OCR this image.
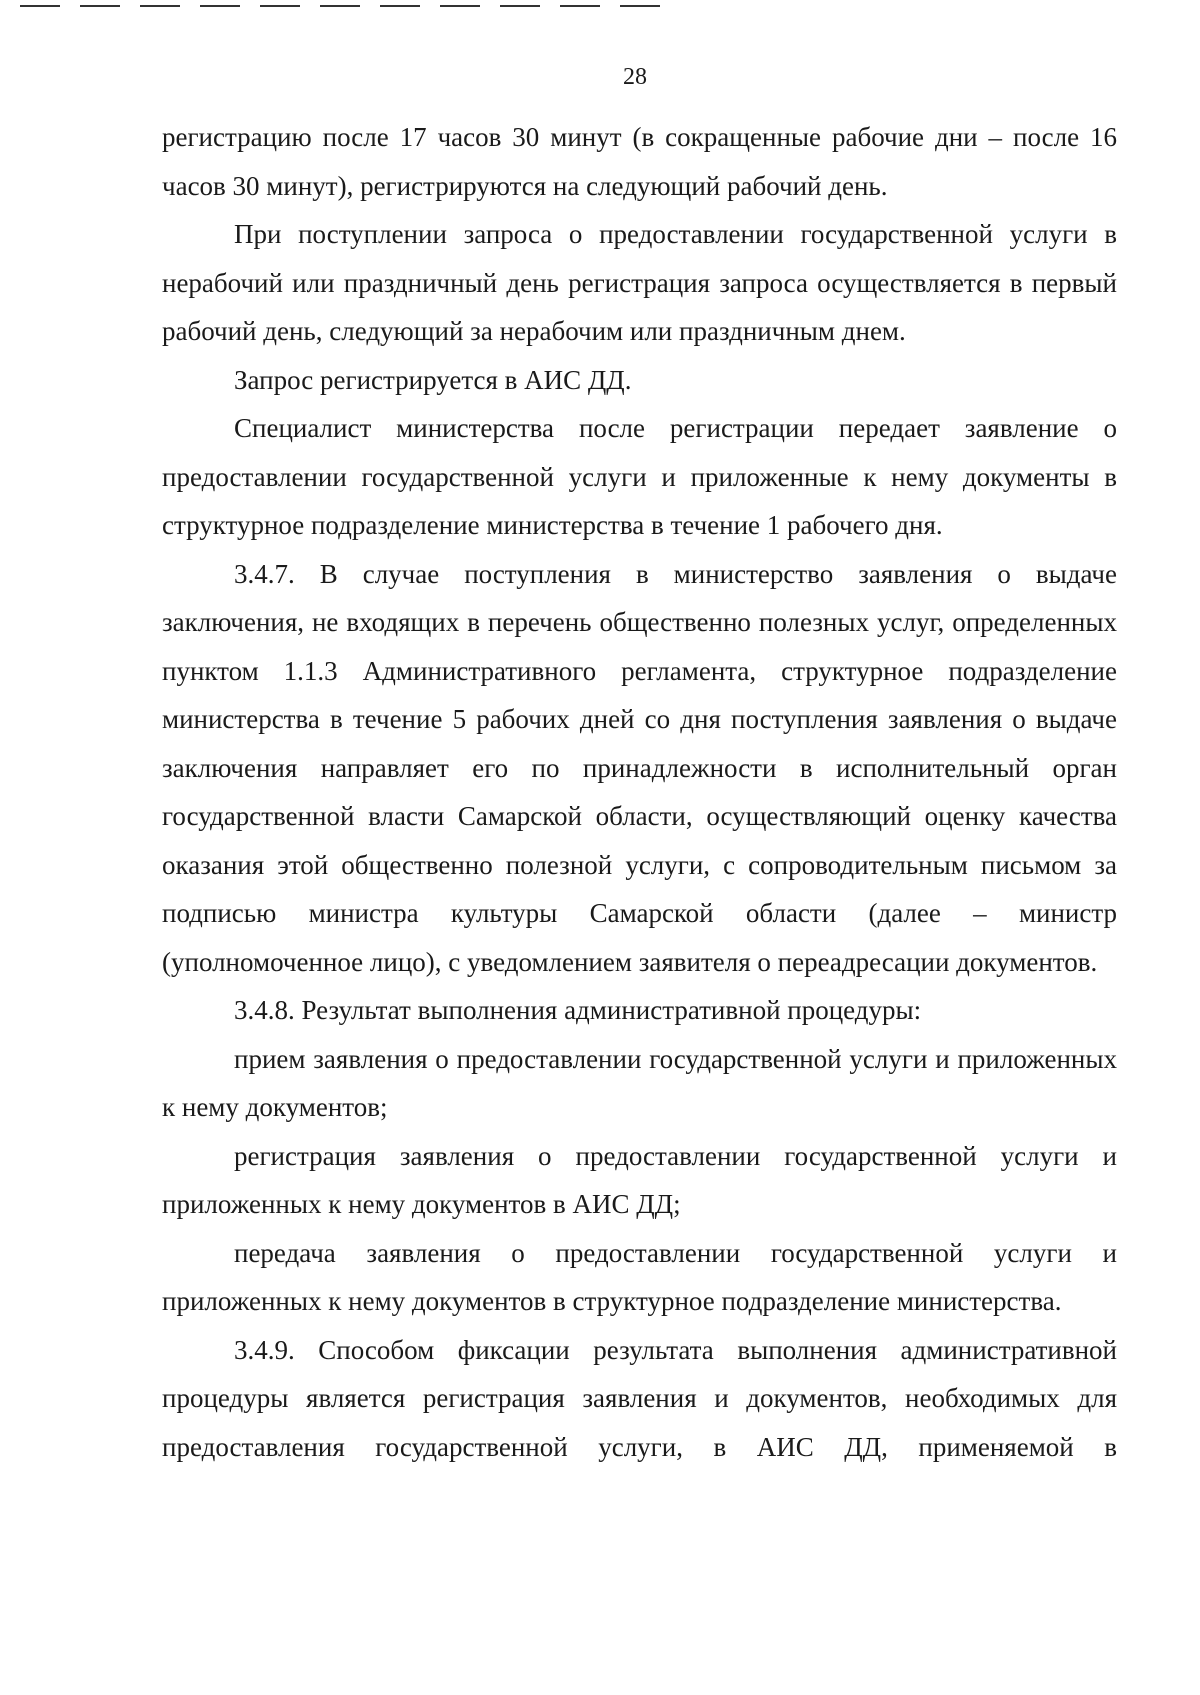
28

регистрацию после 17 часов 30 минут (в сокращенные рабочие дни – после 16 часов 30 минут), регистрируются на следующий рабочий день.

При поступлении запроса о предоставлении государственной услуги в нерабочий или праздничный день регистрация запроса осуществляется в первый рабочий день, следующий за нерабочим или праздничным днем.

Запрос регистрируется в АИС ДД.

Специалист министерства после регистрации передает заявление о предоставлении государственной услуги и приложенные к нему документы в структурное подразделение министерства в течение 1 рабочего дня.

3.4.7. В случае поступления в министерство заявления о выдаче заключения, не входящих в перечень общественно полезных услуг, определенных пунктом 1.1.3 Административного регламента, структурное подразделение министерства в течение 5 рабочих дней со дня поступления заявления о выдаче заключения направляет его по принадлежности в исполнительный орган государственной власти Самарской области, осуществляющий оценку качества оказания этой общественно полезной услуги, с сопроводительным письмом за подписью министра культуры Самарской области (далее – министр (уполномоченное лицо), с уведомлением заявителя о переадресации документов.

3.4.8. Результат выполнения административной процедуры:

прием заявления о предоставлении государственной услуги и приложенных к нему документов;

регистрация заявления о предоставлении государственной услуги и приложенных к нему документов в АИС ДД;

передача заявления о предоставлении государственной услуги и приложенных к нему документов в структурное подразделение министерства.

3.4.9. Способом фиксации результата выполнения административной процедуры является регистрация заявления и документов, необходимых для предоставления государственной услуги, в АИС ДД, применяемой в
